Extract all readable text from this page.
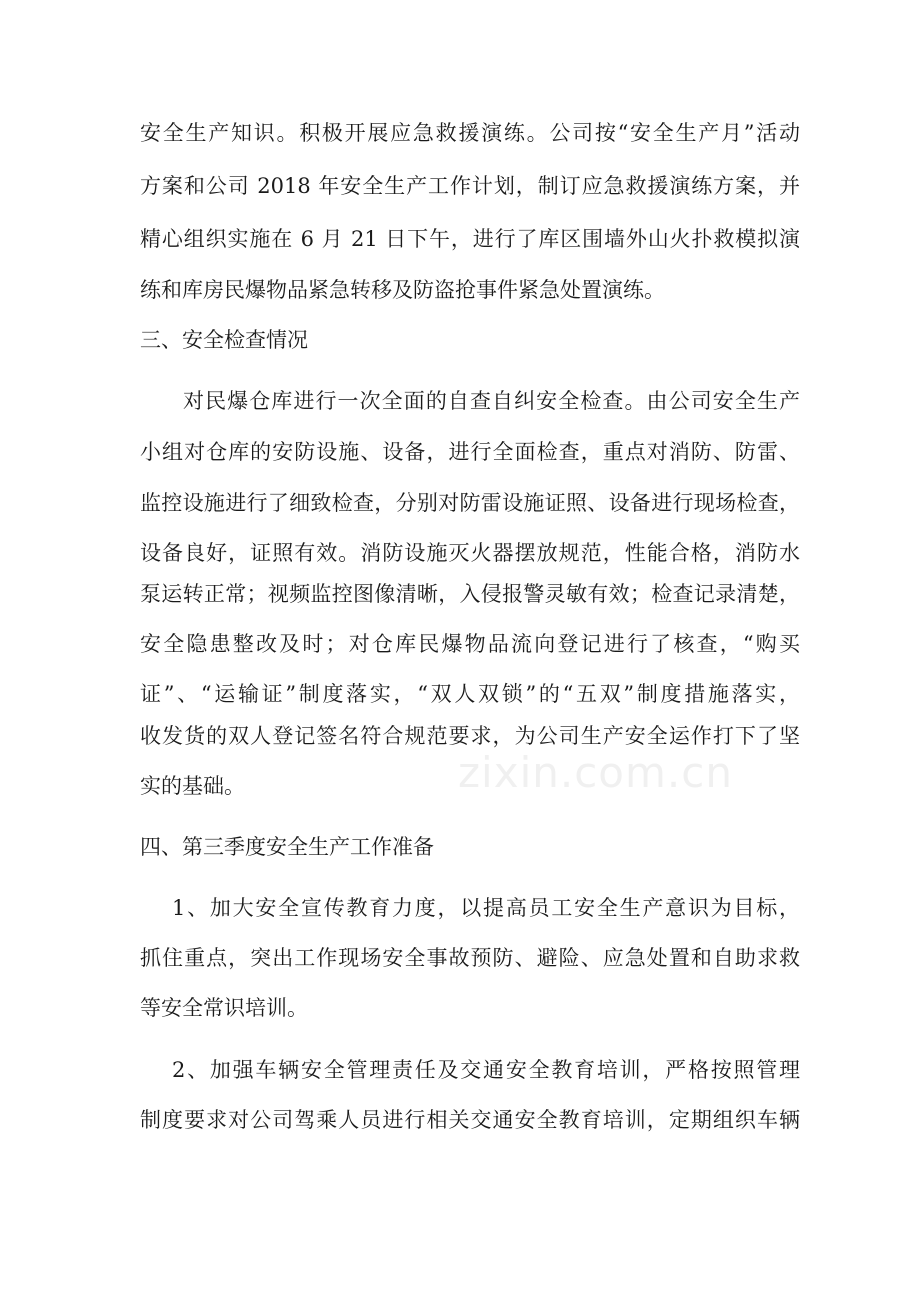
zixin.com.cn
安全生产知识。积极开展应急救援演练。公司按“安全生产月”活动
方案和公司 2018 年安全生产工作计划，制订应急救援演练方案，并
精心组织实施在 6 月 21 日下午，进行了库区围墙外山火扑救模拟演
练和库房民爆物品紧急转移及防盗抢事件紧急处置演练。
三、安全检查情况
对民爆仓库进行一次全面的自查自纠安全检查。由公司安全生产
小组对仓库的安防设施、设备，进行全面检查，重点对消防、防雷、
监控设施进行了细致检查，分别对防雷设施证照、设备进行现场检查，
设备良好，证照有效。消防设施灭火器摆放规范，性能合格，消防水
泵运转正常；视频监控图像清晰，入侵报警灵敏有效；检查记录清楚，
安全隐患整改及时；对仓库民爆物品流向登记进行了核查，“购买
证”、“运输证”制度落实，“双人双锁”的“五双”制度措施落实，
收发货的双人登记签名符合规范要求，为公司生产安全运作打下了坚
实的基础。
四、第三季度安全生产工作准备
1、加大安全宣传教育力度，以提高员工安全生产意识为目标，
抓住重点，突出工作现场安全事故预防、避险、应急处置和自助求救
等安全常识培训。
2、加强车辆安全管理责任及交通安全教育培训，严格按照管理
制度要求对公司驾乘人员进行相关交通安全教育培训，定期组织车辆
